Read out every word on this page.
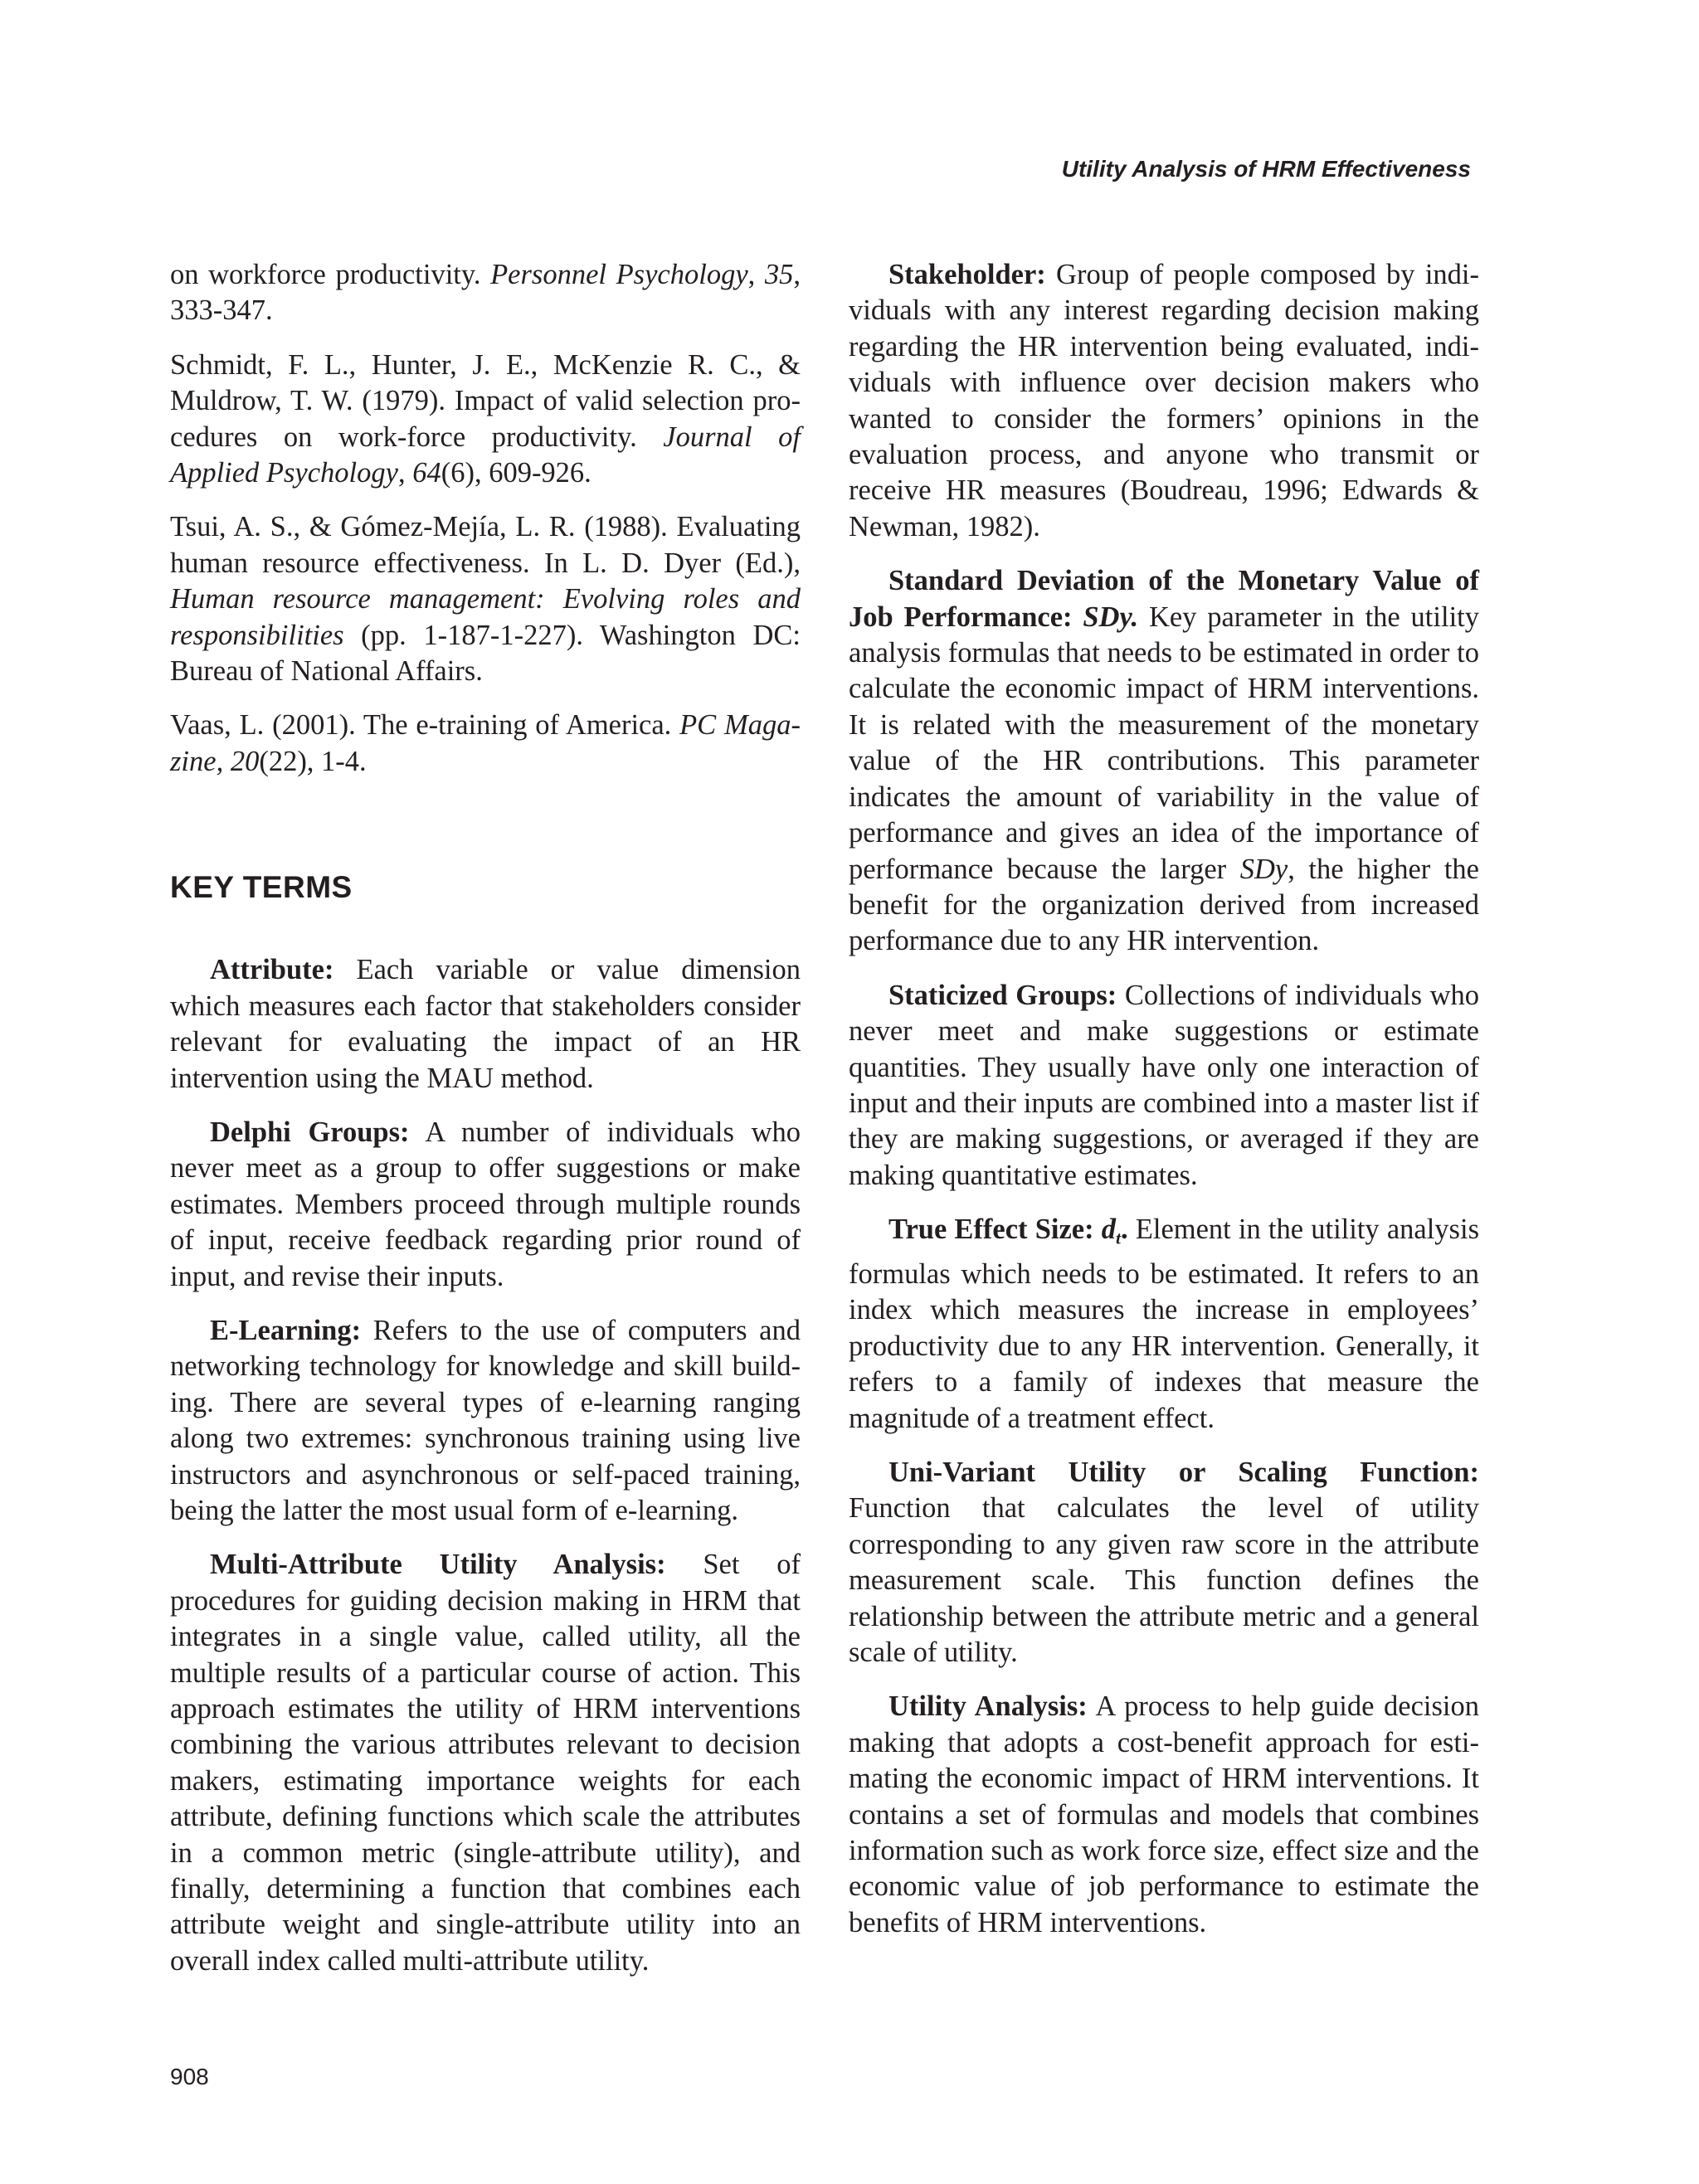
Utility Analysis of HRM Effectiveness

on workforce productivity. Personnel Psychology, 35, 333-347.

Schmidt, F. L., Hunter, J. E., McKenzie R. C., & Muldrow, T. W. (1979). Impact of valid selection procedures on work-force productivity. Journal of Applied Psychology, 64(6), 609-926.

Tsui, A. S., & Gómez-Mejía, L. R. (1988). Evaluating human resource effectiveness. In L. D. Dyer (Ed.), Human resource management: Evolving roles and responsibilities (pp. 1-187-1-227). Washington DC: Bureau of National Affairs.

Vaas, L. (2001). The e-training of America. PC Magazine, 20(22), 1-4.

KEY TERMS

Attribute: Each variable or value dimension which measures each factor that stakeholders consider relevant for evaluating the impact of an HR intervention using the MAU method.

Delphi Groups: A number of individuals who never meet as a group to offer suggestions or make estimates. Members proceed through multiple rounds of input, receive feedback regarding prior round of input, and revise their inputs.

E-Learning: Refers to the use of computers and networking technology for knowledge and skill building. There are several types of e-learning ranging along two extremes: synchronous training using live instructors and asynchronous or self-paced training, being the latter the most usual form of e-learning.

Multi-Attribute Utility Analysis: Set of procedures for guiding decision making in HRM that integrates in a single value, called utility, all the multiple results of a particular course of action. This approach estimates the utility of HRM interventions combining the various attributes relevant to decision makers, estimating importance weights for each attribute, defining functions which scale the attributes in a common metric (single-attribute utility), and finally, determining a function that combines each attribute weight and single-attribute utility into an overall index called multi-attribute utility.

Stakeholder: Group of people composed by individuals with any interest regarding decision making regarding the HR intervention being evaluated, individuals with influence over decision makers who wanted to consider the formers’ opinions in the evaluation process, and anyone who transmit or receive HR measures (Boudreau, 1996; Edwards & Newman, 1982).

Standard Deviation of the Monetary Value of Job Performance: SDy. Key parameter in the utility analysis formulas that needs to be estimated in order to calculate the economic impact of HRM interventions. It is related with the measurement of the monetary value of the HR contributions. This parameter indicates the amount of variability in the value of performance and gives an idea of the importance of performance because the larger SDy, the higher the benefit for the organization derived from increased performance due to any HR intervention.

Staticized Groups: Collections of individuals who never meet and make suggestions or estimate quantities. They usually have only one interaction of input and their inputs are combined into a master list if they are making suggestions, or averaged if they are making quantitative estimates.

True Effect Size: $d_t$. Element in the utility analysis formulas which needs to be estimated. It refers to an index which measures the increase in employees’ productivity due to any HR intervention. Generally, it refers to a family of indexes that measure the magnitude of a treatment effect.

Uni-Variant Utility or Scaling Function: Function that calculates the level of utility corresponding to any given raw score in the attribute measurement scale. This function defines the relationship between the attribute metric and a general scale of utility.

Utility Analysis: A process to help guide decision making that adopts a cost-benefit approach for estimating the economic impact of HRM interventions. It contains a set of formulas and models that combines information such as work force size, effect size and the economic value of job performance to estimate the benefits of HRM interventions.

908
